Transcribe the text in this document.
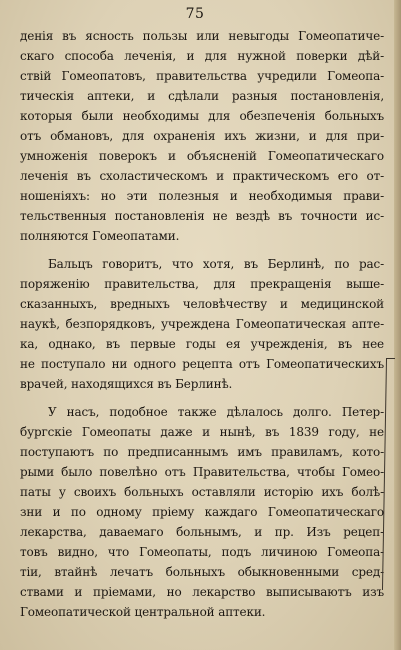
75
денія въ ясность пользы или невыгоды Гомеопатиче-
скаго способа леченія, и для нужной поверки дѣй-
ствій Гомеопатовъ, правительства учредили Гомеопа-
тическія аптеки, и сдѣлали разныя постановленія,
которыя были необходимы для обезпеченія больныхъ
отъ обмановъ, для охраненія ихъ жизни, и для при-
умноженія поверокъ и объясненій Гомеопатическаго
леченія въ схоластическомъ и практическомъ его от-
ношеніяхъ: но эти полезныя и необходимыя прави-
тельственныя постановленія не вездѣ въ точности ис-
полняются Гомеопатами.
Бальцъ говоритъ, что хотя, въ Берлинѣ, по рас-
поряженію правительства, для прекращенія выше-
сказанныхъ, вредныхъ человѣчеству и медицинской
наукѣ, безпорядковъ, учреждена Гомеопатическая апте-
ка, однако, въ первые годы ея учрежденія, въ нее
не поступало ни одного рецепта отъ Гомеопатическихъ
врачей, находящихся въ Берлинѣ.
У насъ, подобное также дѣлалось долго. Петер-
бургскіе Гомеопаты даже и нынѣ, въ 1839 году, не
поступаютъ по предписаннымъ имъ правиламъ, кото-
рыми было повелѣно отъ Правительства, чтобы Гомео-
паты у своихъ больныхъ оставляли исторію ихъ болѣ-
зни и по одному пріему каждаго Гомеопатическаго
лекарства, даваемаго больнымъ, и пр. Изъ рецеп-
товъ видно, что Гомеопаты, подъ личиною Гомеопа-
тіи, втайнѣ лечатъ больныхъ обыкновенными сред-
ствами и пріемами, но лекарство выписываютъ изъ
Гомеопатической центральной аптеки.
